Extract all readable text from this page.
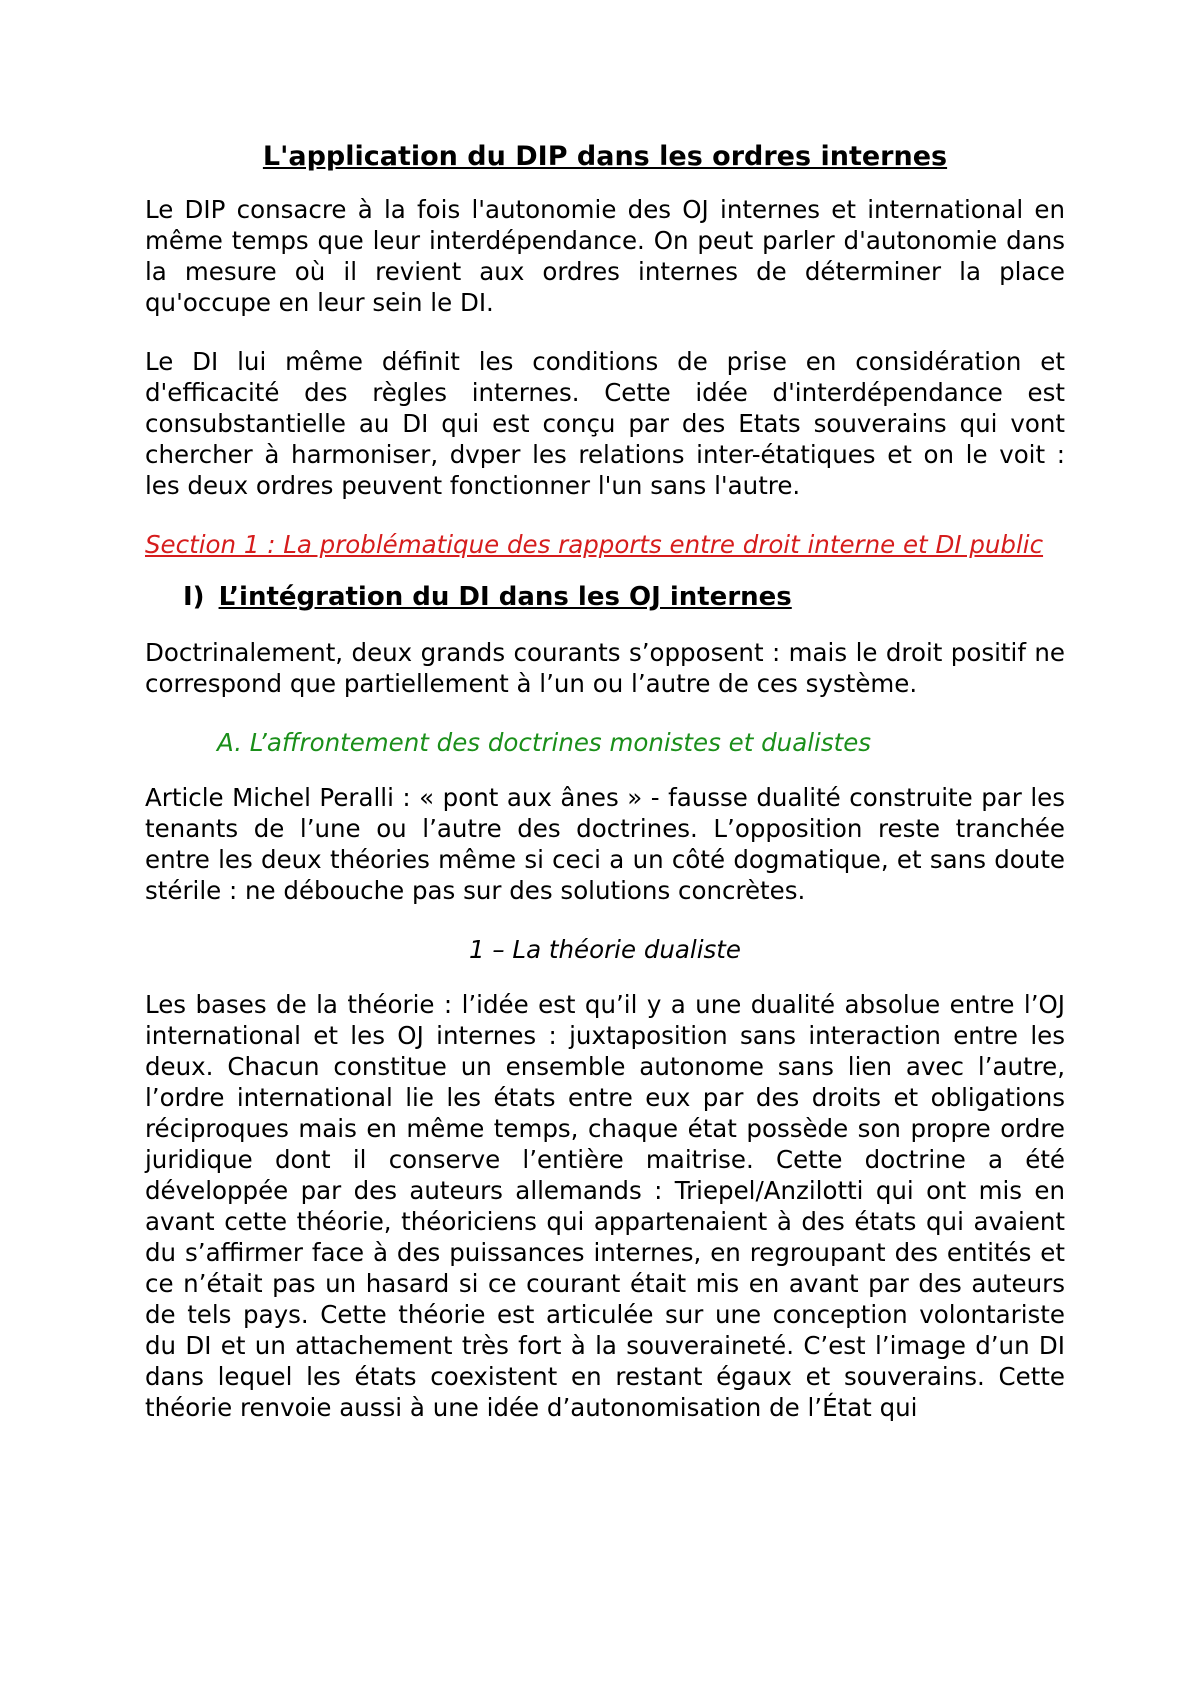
L'application du DIP dans les ordres internes

Le DIP consacre à la fois l'autonomie des OJ internes et international en même temps que leur interdépendance. On peut parler d'autonomie dans la mesure où il revient aux ordres internes de déterminer la place qu'occupe en leur sein le DI.

Le DI lui même définit les conditions de prise en considération et d'efficacité des règles internes. Cette idée d'interdépendance est consubstantielle au DI qui est conçu par des Etats souverains qui vont chercher à harmoniser, dvper les relations inter-étatiques et on le voit : les deux ordres peuvent fonctionner l'un sans l'autre.

Section 1 : La problématique des rapports entre droit interne et DI public

I) L’intégration du DI dans les OJ internes

Doctrinalement, deux grands courants s’opposent : mais le droit positif ne correspond que partiellement à l’un ou l’autre de ces système.

A. L’affrontement des doctrines monistes et dualistes

Article Michel Peralli : « pont aux ânes » - fausse dualité construite par les tenants de l’une ou l’autre des doctrines. L’opposition reste tranchée entre les deux théories même si ceci a un côté dogmatique, et sans doute stérile : ne débouche pas sur des solutions concrètes.

1 – La théorie dualiste

Les bases de la théorie : l’idée est qu’il y a une dualité absolue entre l’OJ international et les OJ internes : juxtaposition sans interaction entre les deux. Chacun constitue un ensemble autonome sans lien avec l’autre, l’ordre international lie les états entre eux par des droits et obligations réciproques mais en même temps, chaque état possède son propre ordre juridique dont il conserve l’entière maitrise. Cette doctrine a été développée par des auteurs allemands : Triepel/Anzilotti qui ont mis en avant cette théorie, théoriciens qui appartenaient à des états qui avaient du s’affirmer face à des puissances internes, en regroupant des entités et ce n’était pas un hasard si ce courant était mis en avant par des auteurs de tels pays. Cette théorie est articulée sur une conception volontariste du DI et un attachement très fort à la souveraineté. C’est l’image d’un DI dans lequel les états coexistent en restant égaux et souverains. Cette théorie renvoie aussi à une idée d’autonomisation de l’État qui
